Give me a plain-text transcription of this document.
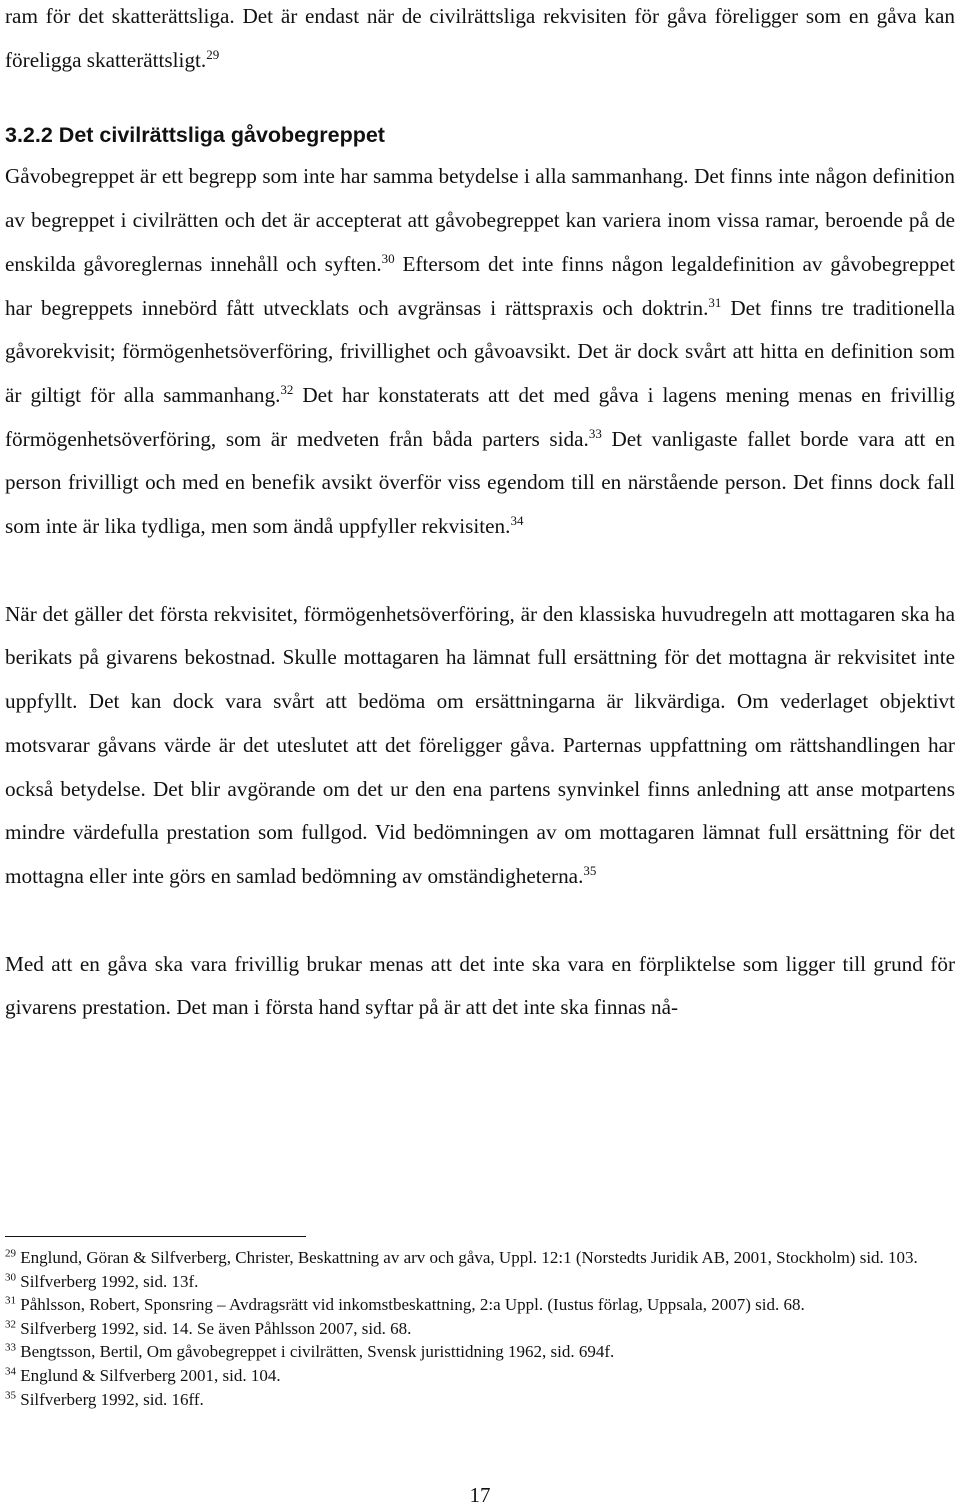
ram för det skatterättsliga. Det är endast när de civilrättsliga rekvisiten för gåva föreligger som en gåva kan föreligga skatterättsligt.$^{29}$

3.2.2 Det civilrättsliga gåvobegreppet

Gåvobegreppet är ett begrepp som inte har samma betydelse i alla sammanhang. Det finns inte någon definition av begreppet i civilrätten och det är accepterat att gåvobegreppet kan variera inom vissa ramar, beroende på de enskilda gåvoreglernas innehåll och syften.$^{30}$ Eftersom det inte finns någon legaldefinition av gåvobegreppet har begreppets innebörd fått utvecklats och avgränsas i rättspraxis och doktrin.$^{31}$ Det finns tre traditionella gåvorekvisit; förmögenhetsöverföring, frivillighet och gåvoavsikt. Det är dock svårt att hitta en definition som är giltigt för alla sammanhang.$^{32}$ Det har konstaterats att det med gåva i lagens mening menas en frivillig förmögenhetsöverföring, som är medveten från båda parters sida.$^{33}$ Det vanligaste fallet borde vara att en person frivilligt och med en benefik avsikt överför viss egendom till en närstående person. Det finns dock fall som inte är lika tydliga, men som ändå uppfyller rekvisiten.$^{34}$

När det gäller det första rekvisitet, förmögenhetsöverföring, är den klassiska huvudregeln att mottagaren ska ha berikats på givarens bekostnad. Skulle mottagaren ha lämnat full ersättning för det mottagna är rekvisitet inte uppfyllt. Det kan dock vara svårt att bedöma om ersättningarna är likvärdiga. Om vederlaget objektivt motsvarar gåvans värde är det uteslutet att det föreligger gåva. Parternas uppfattning om rättshandlingen har också betydelse. Det blir avgörande om det ur den ena partens synvinkel finns anledning att anse motpartens mindre värdefulla prestation som fullgod. Vid bedömningen av om mottagaren lämnat full ersättning för det mottagna eller inte görs en samlad bedömning av omständigheterna.$^{35}$

Med att en gåva ska vara frivillig brukar menas att det inte ska vara en förpliktelse som ligger till grund för givarens prestation. Det man i första hand syftar på är att det inte ska finnas nå-

$^{29}$ Englund, Göran & Silfverberg, Christer, Beskattning av arv och gåva, Uppl. 12:1 (Norstedts Juridik AB, 2001, Stockholm) sid. 103.

$^{30}$ Silfverberg 1992, sid. 13f.

$^{31}$ Påhlsson, Robert, Sponsring – Avdragsrätt vid inkomstbeskattning, 2:a Uppl. (Iustus förlag, Uppsala, 2007) sid. 68.

$^{32}$ Silfverberg 1992, sid. 14. Se även Påhlsson 2007, sid. 68.

$^{33}$ Bengtsson, Bertil, Om gåvobegreppet i civilrätten, Svensk juristtidning 1962, sid. 694f.

$^{34}$ Englund & Silfverberg 2001, sid. 104.

$^{35}$ Silfverberg 1992, sid. 16ff.

17
